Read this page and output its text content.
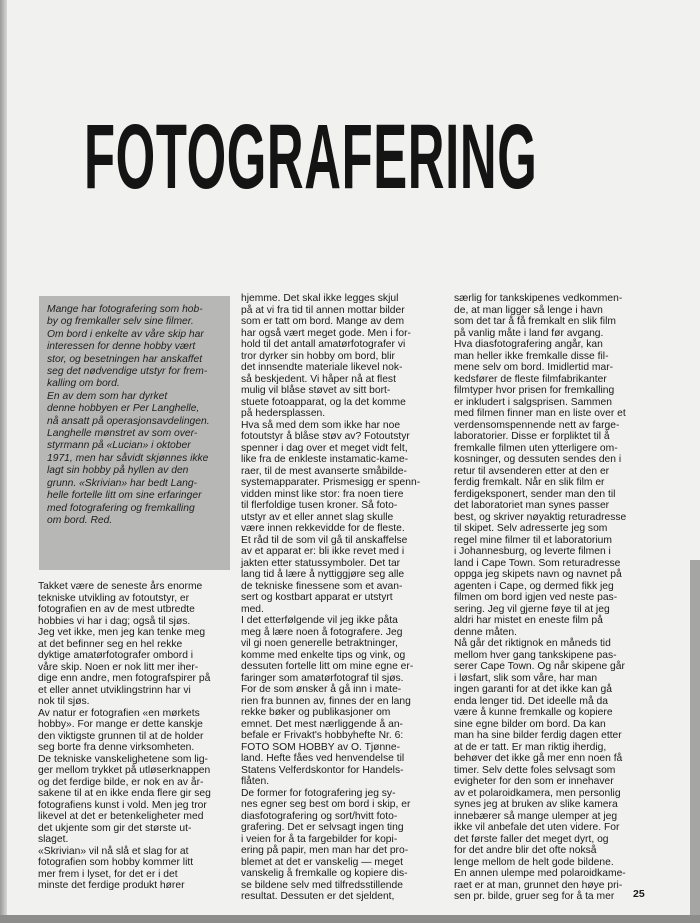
FOTOGRAFERING

Mange har fotografering som hob-
by og fremkaller selv sine filmer.
Om bord i enkelte av våre skip har
interessen for denne hobby vært
stor, og besetningen har anskaffet
seg det nødvendige utstyr for frem-
kalling om bord.
En av dem som har dyrket
denne hobbyen er Per Langhelle,
nå ansatt på operasjonsavdelingen.
Langhelle mønstret av som over-
styrmann på «Lucian» i oktober
1971, men har såvidt skjønnes ikke
lagt sin hobby på hyllen av den
grunn. «Skrivian» har bedt Lang-
helle fortelle litt om sine erfaringer
med fotografering og fremkalling
om bord. Red.

Takket være de seneste års enorme
tekniske utvikling av fotoutstyr, er
fotografien en av de mest utbredte
hobbies vi har i dag; også til sjøs.
Jeg vet ikke, men jeg kan tenke meg
at det befinner seg en hel rekke
dyktige amatørfotografer ombord i
våre skip. Noen er nok litt mer iher-
dige enn andre, men fotografspirer på
et eller annet utviklingstrinn har vi
nok til sjøs.
Av natur er fotografien «en mørkets
hobby». For mange er dette kanskje
den viktigste grunnen til at de holder
seg borte fra denne virksomheten.
De tekniske vanskelighetene som lig-
ger mellom trykket på utløserknappen
og det ferdige bilde, er nok en av år-
sakene til at en ikke enda flere gir seg
fotografiens kunst i vold. Men jeg tror
likevel at det er betenkeligheter med
det ukjente som gir det største ut-
slaget.
«Skrivian» vil nå slå et slag for at
fotografien som hobby kommer litt
mer frem i lyset, for det er i det
minste det ferdige produkt hører

hjemme. Det skal ikke legges skjul
på at vi fra tid til annen mottar bilder
som er tatt om bord. Mange av dem
har også vært meget gode. Men i for-
hold til det antall amatørfotografer vi
tror dyrker sin hobby om bord, blir
det innsendte materiale likevel nok-
så beskjedent. Vi håper nå at flest
mulig vil blåse støvet av sitt bort-
stuete fotoapparat, og la det komme
på hedersplassen.
Hva så med dem som ikke har noe
fotoutstyr å blåse støv av? Fotoutstyr
spenner i dag over et meget vidt felt,
like fra de enkleste instamatic-kame-
raer, til de mest avanserte småbilde-
systemapparater. Prismesigg er spenn-
vidden minst like stor: fra noen tiere
til flerfoldige tusen kroner. Så foto-
utstyr av et eller annet slag skulle
være innen rekkevidde for de fleste.
Et råd til de som vil gå til anskaffelse
av et apparat er: bli ikke revet med i
jakten etter statussymboler. Det tar
lang tid å lære å nyttiggjøre seg alle
de tekniske finessene som et avan-
sert og kostbart apparat er utstyrt
med.
I det etterfølgende vil jeg ikke påta
meg å lære noen å fotografere. Jeg
vil gi noen generelle betraktninger,
komme med enkelte tips og vink, og
dessuten fortelle litt om mine egne er-
faringer som amatørfotograf til sjøs.
For de som ønsker å gå inn i mate-
rien fra bunnen av, finnes der en lang
rekke bøker og publikasjoner om
emnet. Det mest nærliggende å an-
befale er Frivakt's hobbyhefte Nr. 6:
FOTO SOM HOBBY av O. Tjønne-
land. Hefte fåes ved henvendelse til
Statens Velferdskontor for Handels-
flåten.
De former for fotografering jeg sy-
nes egner seg best om bord i skip, er
diasfotografering og sort/hvitt foto-
grafering. Det er selvsagt ingen ting
i veien for å ta fargebilder for kopi-
ering på papir, men man har det pro-
blemet at det er vanskelig — meget
vanskelig å fremkalle og kopiere dis-
se bildene selv med tilfredsstillende
resultat. Dessuten er det sjeldent,

særlig for tankskipenes vedkommen-
de, at man ligger så lenge i havn
som det tar å få fremkalt en slik film
på vanlig måte i land før avgang.
Hva diasfotografering angår, kan
man heller ikke fremkalle disse fil-
mene selv om bord. Imidlertid mar-
kedsfører de fleste filmfabrikanter
filmtyper hvor prisen for fremkalling
er inkludert i salgsprisen. Sammen
med filmen finner man en liste over et
verdensomspennende nett av farge-
laboratorier. Disse er forpliktet til å
fremkalle filmen uten ytterligere om-
kosninger, og dessuten sendes den i
retur til avsenderen etter at den er
ferdig fremkalt. Når en slik film er
ferdigeksponert, sender man den til
det laboratoriet man synes passer
best, og skriver nøyaktig returadresse
til skipet. Selv adresserte jeg som
regel mine filmer til et laboratorium
i Johannesburg, og leverte filmen i
land i Cape Town. Som returadresse
oppga jeg skipets navn og navnet på
agenten i Cape, og dermed fikk jeg
filmen om bord igjen ved neste pas-
sering. Jeg vil gjerne føye til at jeg
aldri har mistet en eneste film på
denne måten.
Nå går det riktignok en måneds tid
mellom hver gang tankskipene pas-
serer Cape Town. Og når skipene går
i løsfart, slik som våre, har man
ingen garanti for at det ikke kan gå
enda lenger tid. Det ideelle må da
være å kunne fremkalle og kopiere
sine egne bilder om bord. Da kan
man ha sine bilder ferdig dagen etter
at de er tatt. Er man riktig iherdig,
behøver det ikke gå mer enn noen få
timer. Selv dette foles selvsagt som
evigheter for den som er innehaver
av et polaroidkamera, men personlig
synes jeg at bruken av slike kamera
innebærer så mange ulemper at jeg
ikke vil anbefale det uten videre. For
det første faller det meget dyrt, og
for det andre blir det ofte nokså
lenge mellom de helt gode bildene.
En annen ulempe med polaroidkame-
raet er at man, grunnet den høye pri-
sen pr. bilde, gruer seg for å ta mer	25
